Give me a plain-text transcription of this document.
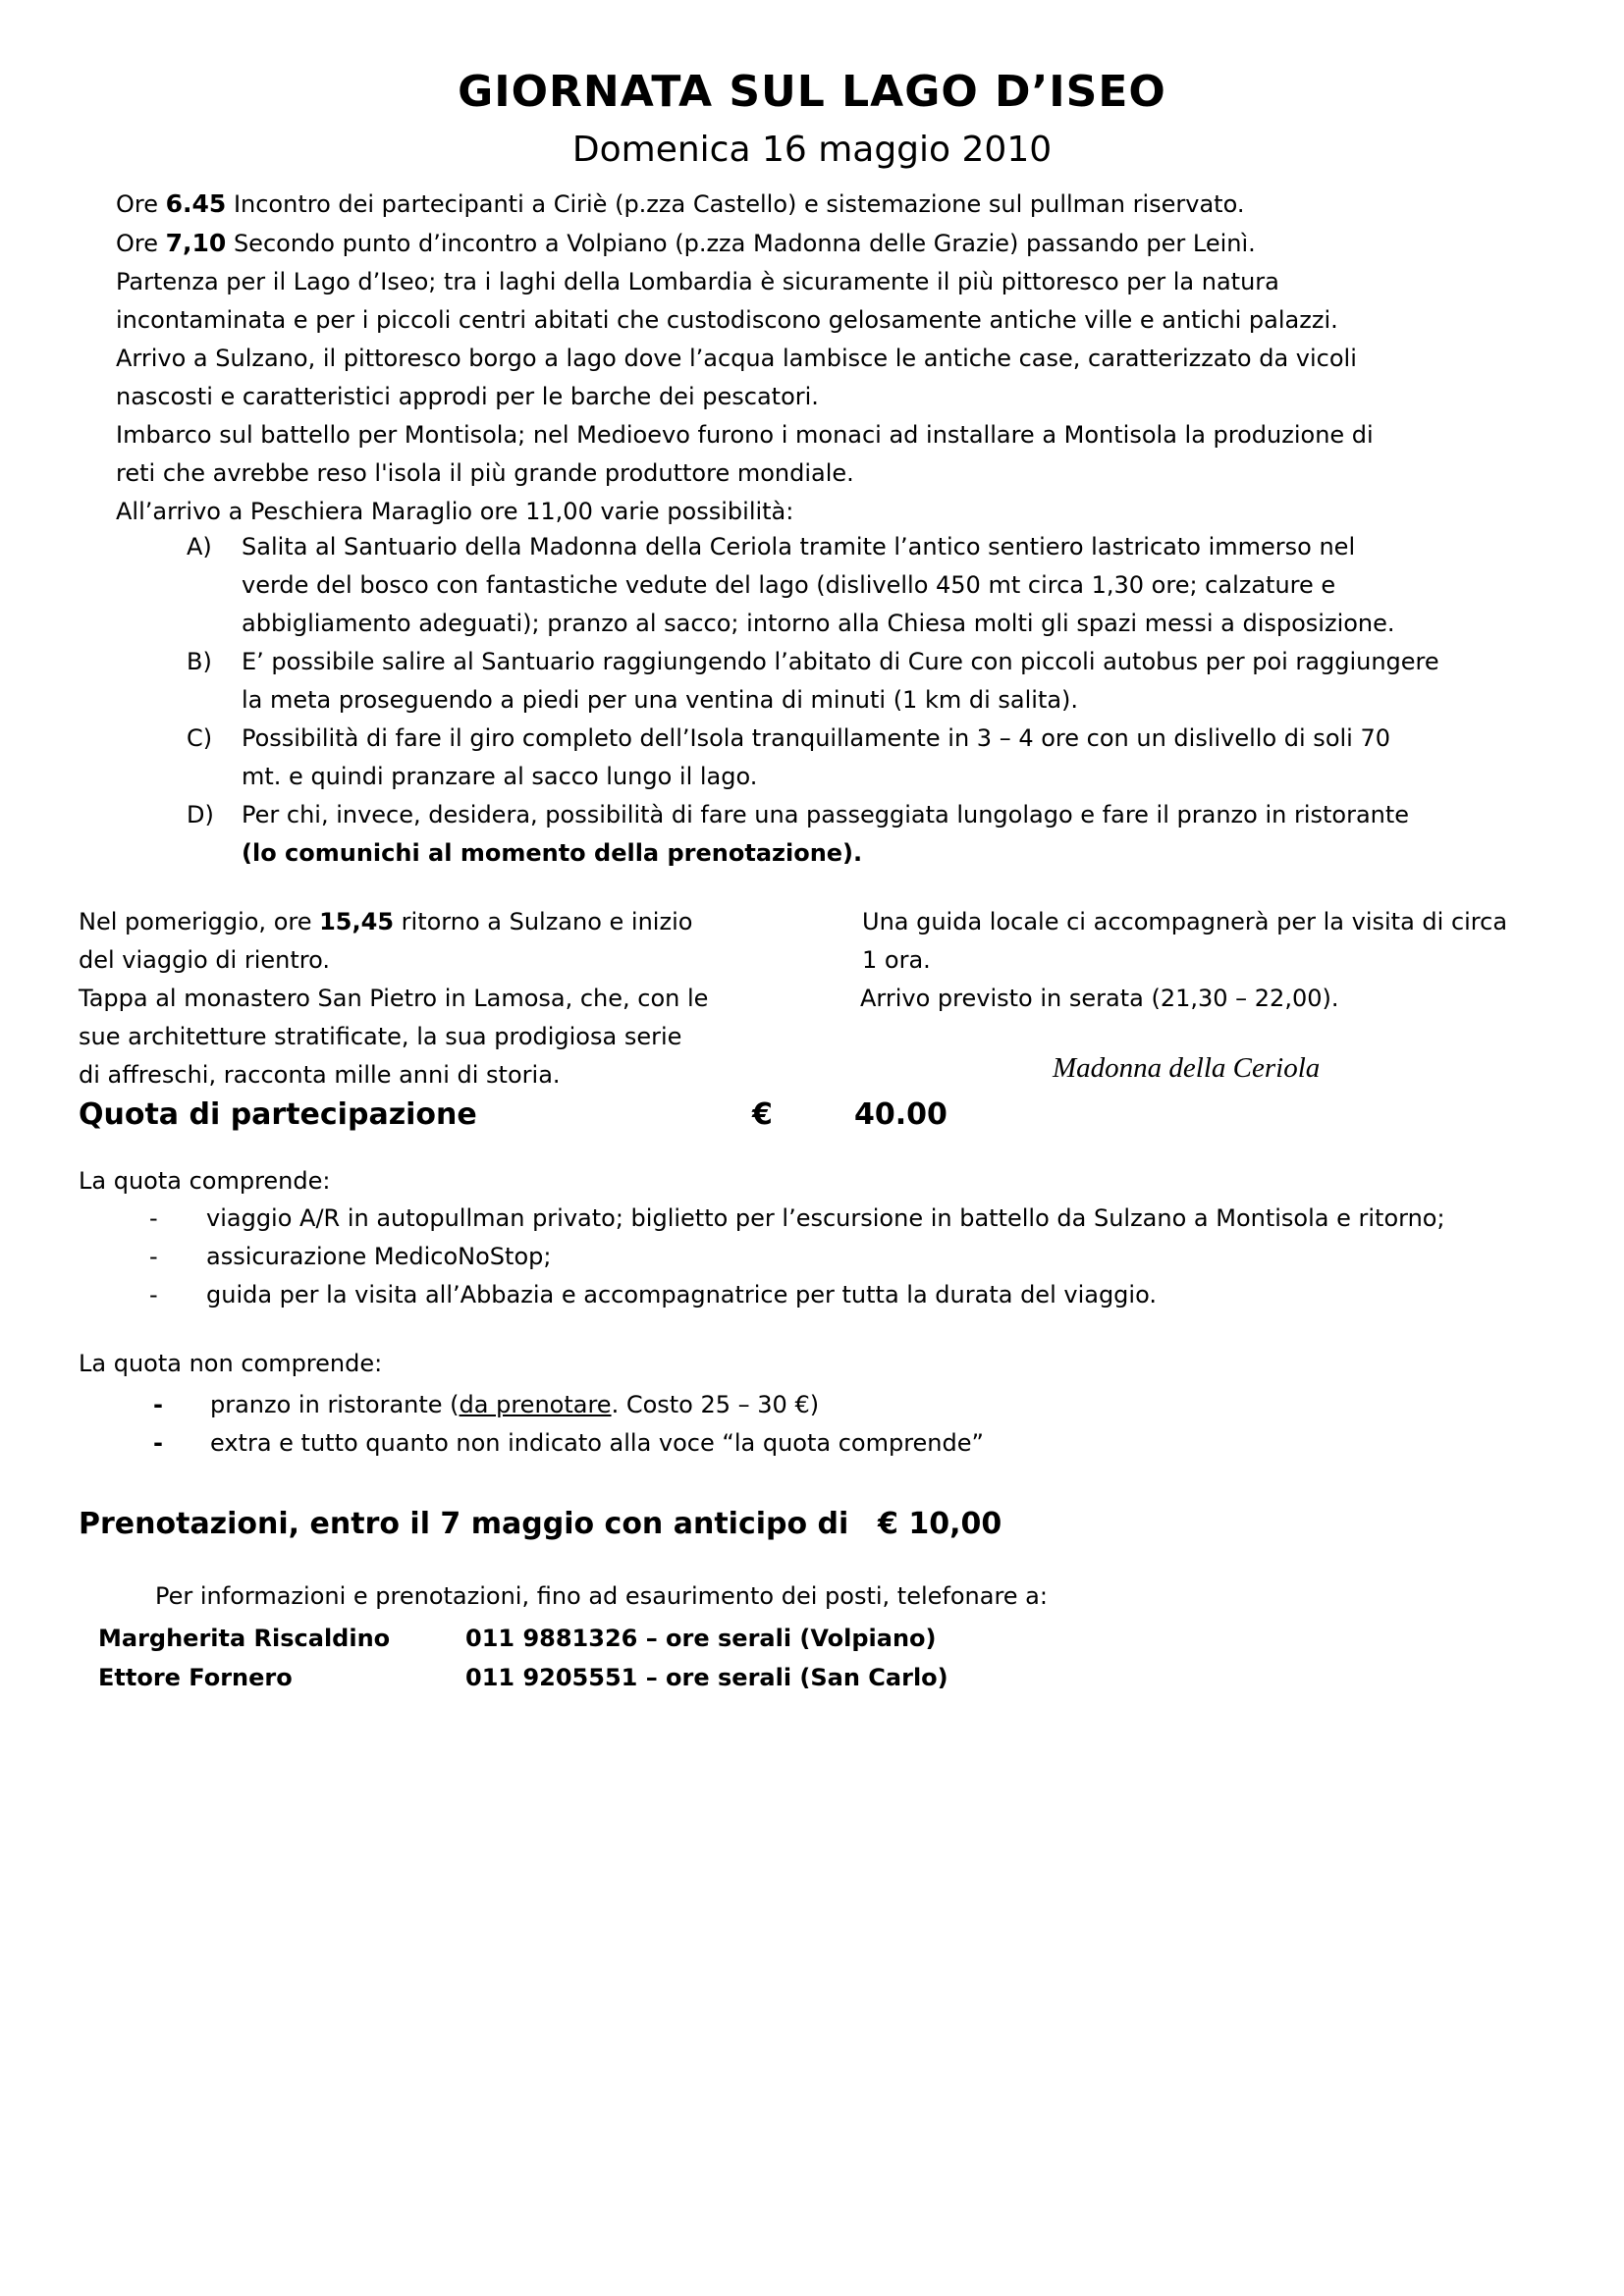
GIORNATA SUL LAGO D’ISEO
Domenica 16 maggio 2010

Ore 6.45 Incontro dei partecipanti a Ciriè (p.zza Castello) e sistemazione sul pullman riservato.

Ore 7,10 Secondo punto d’incontro a Volpiano (p.zza Madonna delle Grazie) passando per Leinì.

Partenza per il Lago d’Iseo; tra i laghi della Lombardia è sicuramente il più pittoresco per la natura

incontaminata e per i piccoli centri abitati che custodiscono gelosamente antiche ville e antichi palazzi.

Arrivo a Sulzano, il pittoresco borgo a lago dove l’acqua lambisce le antiche case, caratterizzato da vicoli

nascosti e caratteristici approdi per le barche dei pescatori.

Imbarco sul battello per Montisola; nel Medioevo furono i monaci ad installare a Montisola la produzione di

reti che avrebbe reso l'isola il più grande produttore mondiale.

All’arrivo a Peschiera Maraglio ore 11,00 varie possibilità:

A)	Salita al Santuario della Madonna della Ceriola tramite l’antico sentiero lastricato immerso nel
verde del bosco con fantastiche vedute del lago (dislivello 450 mt circa 1,30 ore; calzature e
abbigliamento adeguati); pranzo al sacco; intorno alla Chiesa molti gli spazi messi a disposizione.
B)	E’ possibile salire al Santuario raggiungendo l’abitato di Cure con piccoli autobus per poi raggiungere
la meta proseguendo a piedi per una ventina di minuti (1 km di salita).
C)	Possibilità di fare il giro completo dell’Isola tranquillamente in 3 – 4 ore con un dislivello di soli 70
mt. e quindi pranzare al sacco lungo il lago.
D)	Per chi, invece, desidera, possibilità di fare una passeggiata lungolago e fare il pranzo in ristorante
(lo comunichi al momento della prenotazione).

Nel pomeriggio, ore 15,45 ritorno a Sulzano e inizio

del viaggio di rientro.

Tappa al monastero San Pietro in Lamosa, che, con le

sue architetture stratificate, la sua prodigiosa serie

di affreschi, racconta mille anni di storia.

Una guida locale ci accompagnerà per la visita di circa

1 ora.

Arrivo previsto in serata (21,30 – 22,00).

Madonna della Ceriola
Quota di partecipazione	€	40.00
La quota comprende:
-	viaggio A/R in autopullman privato; biglietto per l’escursione in battello da Sulzano a Montisola e ritorno;
-	assicurazione MedicoNoStop;
-	guida per la visita all’Abbazia e accompagnatrice per tutta la durata del viaggio.
La quota non comprende:
-	pranzo in ristorante (da prenotare. Costo 25 – 30 €)
-	extra e tutto quanto non indicato alla voce “la quota comprende”
Prenotazioni, entro il 7 maggio con anticipo di € 10,00
Per informazioni e prenotazioni, fino ad esaurimento dei posti, telefonare a:
Margherita Riscaldino	011 9881326 – ore serali (Volpiano)
Ettore Fornero	011 9205551 – ore serali (San Carlo)
